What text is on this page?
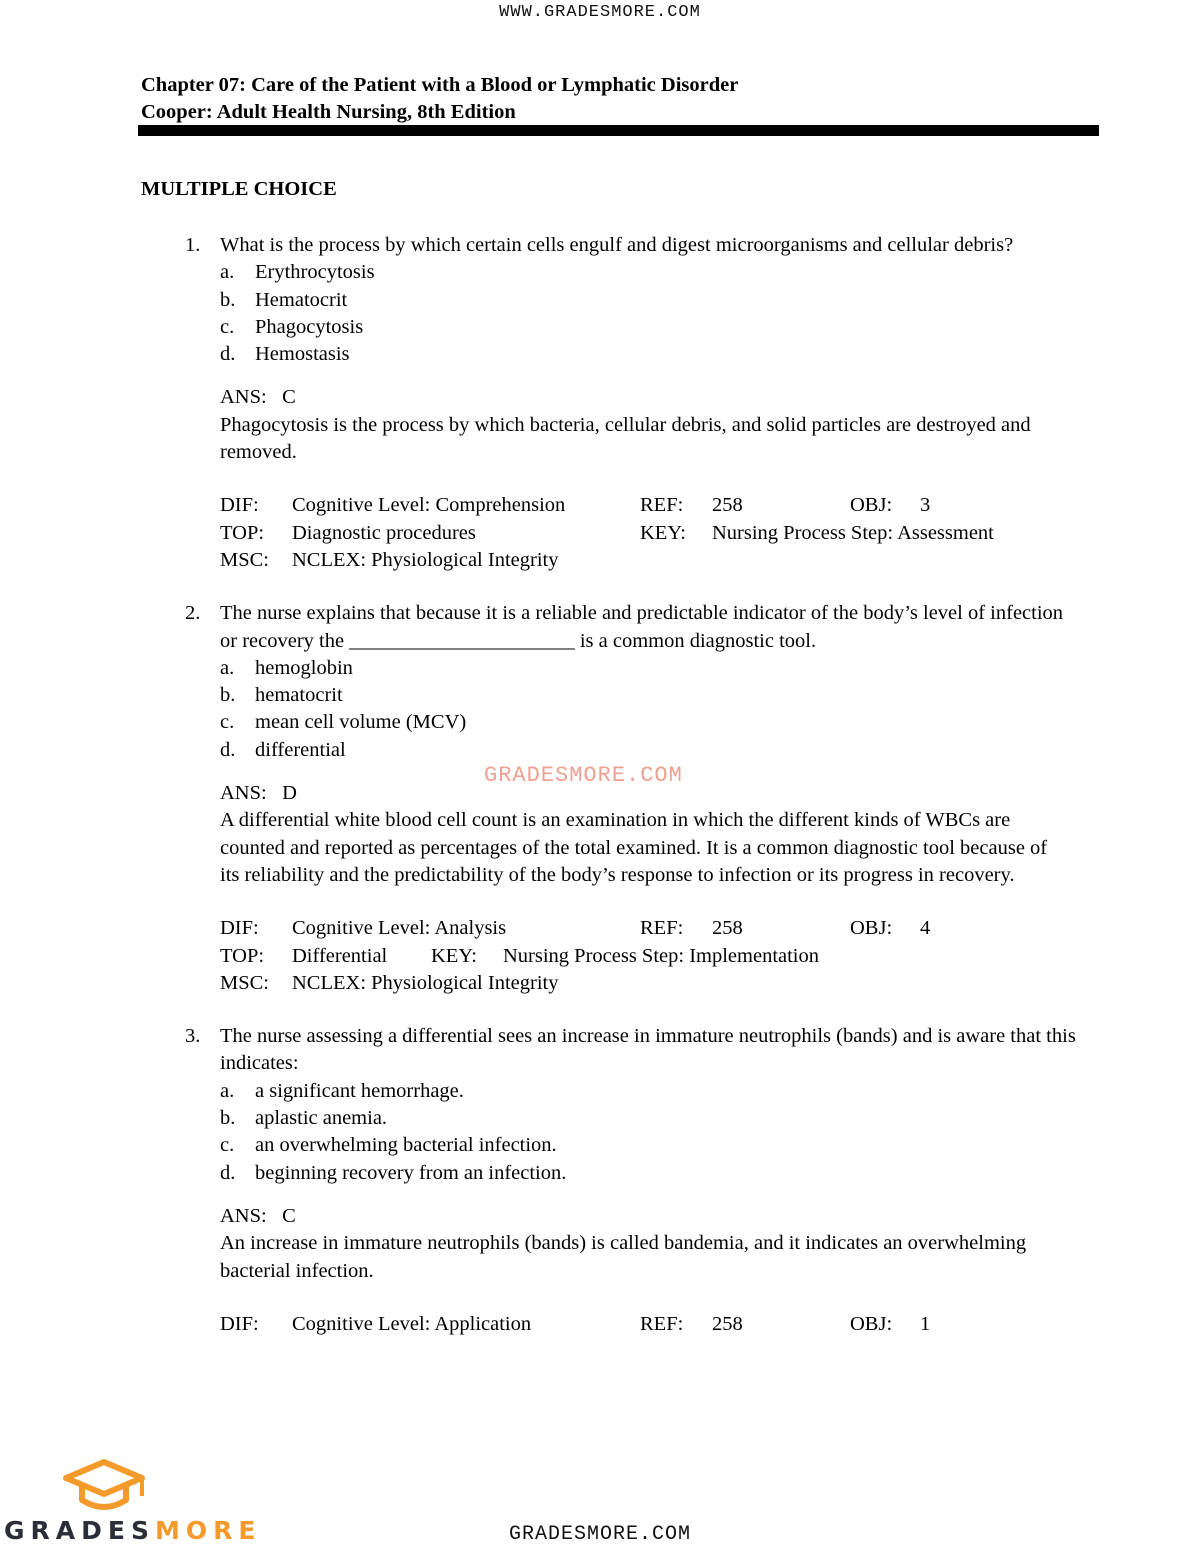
WWW.GRADESMORE.COM
Chapter 07: Care of the Patient with a Blood or Lymphatic Disorder
Cooper: Adult Health Nursing, 8th Edition
MULTIPLE CHOICE
1. What is the process by which certain cells engulf and digest microorganisms and cellular debris?
a.	Erythrocytosis
b. Hematocrit
c.	Phagocytosis
d. Hemostasis
ANS:   C
Phagocytosis is the process by which bacteria, cellular debris, and solid particles are destroyed and removed.
DIF:	Cognitive Level: Comprehension	REF:	258	OBJ:	3
TOP:	Diagnostic procedures	KEY:	Nursing Process Step: Assessment
MSC:	NCLEX: Physiological Integrity
2. The nurse explains that because it is a reliable and predictable indicator of the body’s level of infection or recovery the ______________________ is a common diagnostic tool.
a.	hemoglobin
b. hematocrit
c.	mean cell volume (MCV)
d. differential
ANS:   D
A differential white blood cell count is an examination in which the different kinds of WBCs are counted and reported as percentages of the total examined. It is a common diagnostic tool because of its reliability and the predictability of the body’s response to infection or its progress in recovery.
DIF:	Cognitive Level: Analysis	REF:	258	OBJ:	4
TOP:	Differential	KEY:	Nursing Process Step: Implementation
MSC:	NCLEX: Physiological Integrity
3. The nurse assessing a differential sees an increase in immature neutrophils (bands) and is aware that this indicates:
a.	a significant hemorrhage.
b. aplastic anemia.
c.	an overwhelming bacterial infection.
d. beginning recovery from an infection.
ANS:   C
An increase in immature neutrophils (bands) is called bandemia, and it indicates an overwhelming bacterial infection.
DIF:	Cognitive Level: Application	REF:	258	OBJ:	1
GRADESMORE.COM
GRADESMORE	GRADESMORE.COM
